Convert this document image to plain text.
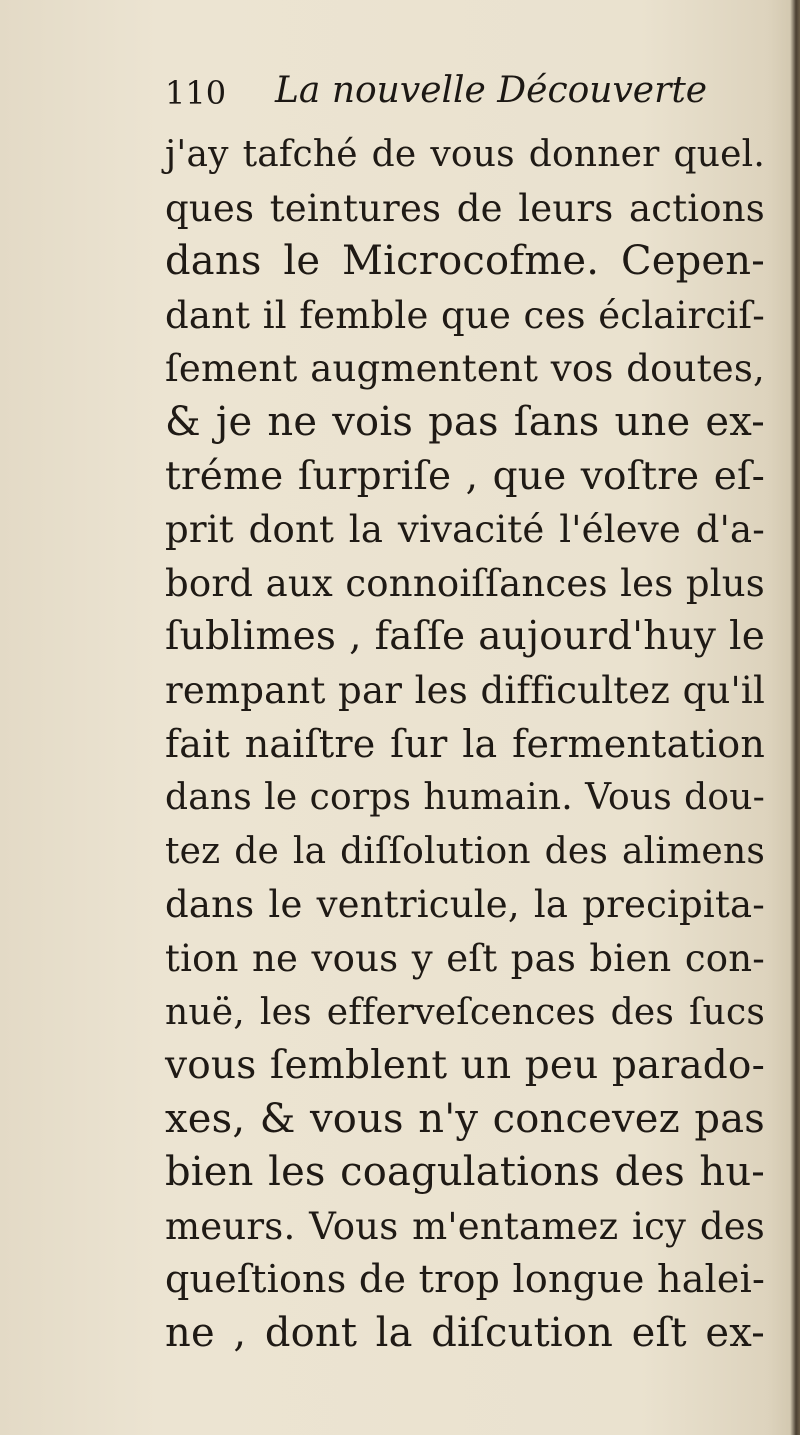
110 La nouvelle Découverte
j'ay tafché de vous donner quel.
ques teintures de leurs actions
dans le Microcofme. Cepen-
dant il femble que ces éclairciſ-
ſement augmentent vos doutes,
& je ne vois pas ſans une ex-
tréme ſurpriſe , que voſtre eſ-
prit dont la vivacité l'éleve d'a-
bord aux connoiſſances les plus
ſublimes , faſſe aujourd'huy le
rempant par les difficultez qu'il
fait naiſtre ſur la fermentation
dans le corps humain. Vous dou-
tez de la diſſolution des alimens
dans le ventricule, la precipita-
tion ne vous y eſt pas bien con-
nuë, les efferveſcences des ſucs
vous ſemblent un peu parado-
xes, & vous n'y concevez pas
bien les coagulations des hu-
meurs. Vous m'entamez icy des
queſtions de trop longue halei-
ne , dont la diſcution eſt ex-
